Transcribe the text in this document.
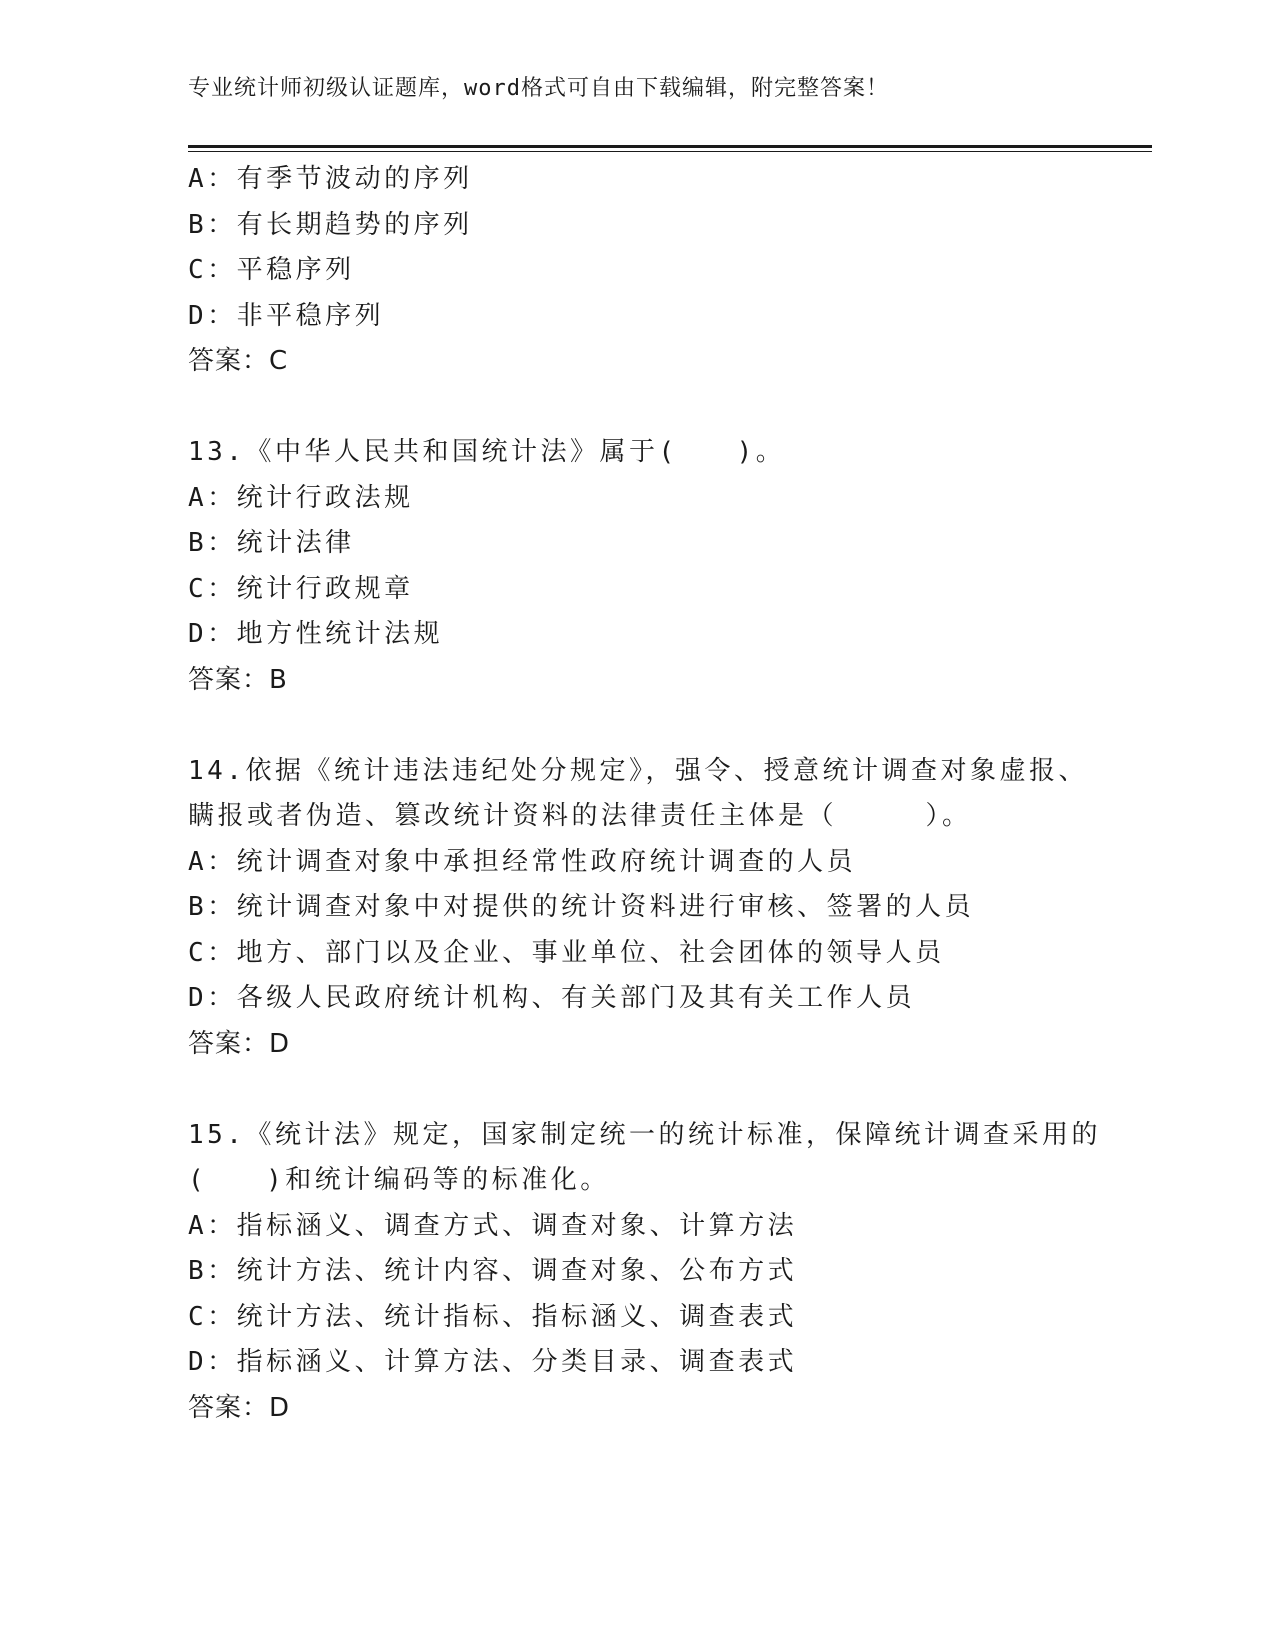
专业统计师初级认证题库，word格式可自由下载编辑，附完整答案！
A：有季节波动的序列
B：有长期趋势的序列
C：平稳序列
D：非平稳序列
答案：C
13.《中华人民共和国统计法》属于(　　)。
A：统计行政法规
B：统计法律
C：统计行政规章
D：地方性统计法规
答案：B
14.依据《统计违法违纪处分规定》，强令、授意统计调查对象虚报、
瞒报或者伪造、篡改统计资料的法律责任主体是（　　　）。
A：统计调查对象中承担经常性政府统计调查的人员
B：统计调查对象中对提供的统计资料进行审核、签署的人员
C：地方、部门以及企业、事业单位、社会团体的领导人员
D：各级人民政府统计机构、有关部门及其有关工作人员
答案：D
15.《统计法》规定，国家制定统一的统计标准，保障统计调查采用的
(　　)和统计编码等的标准化。
A：指标涵义、调查方式、调查对象、计算方法
B：统计方法、统计内容、调查对象、公布方式
C：统计方法、统计指标、指标涵义、调查表式
D：指标涵义、计算方法、分类目录、调查表式
答案：D
